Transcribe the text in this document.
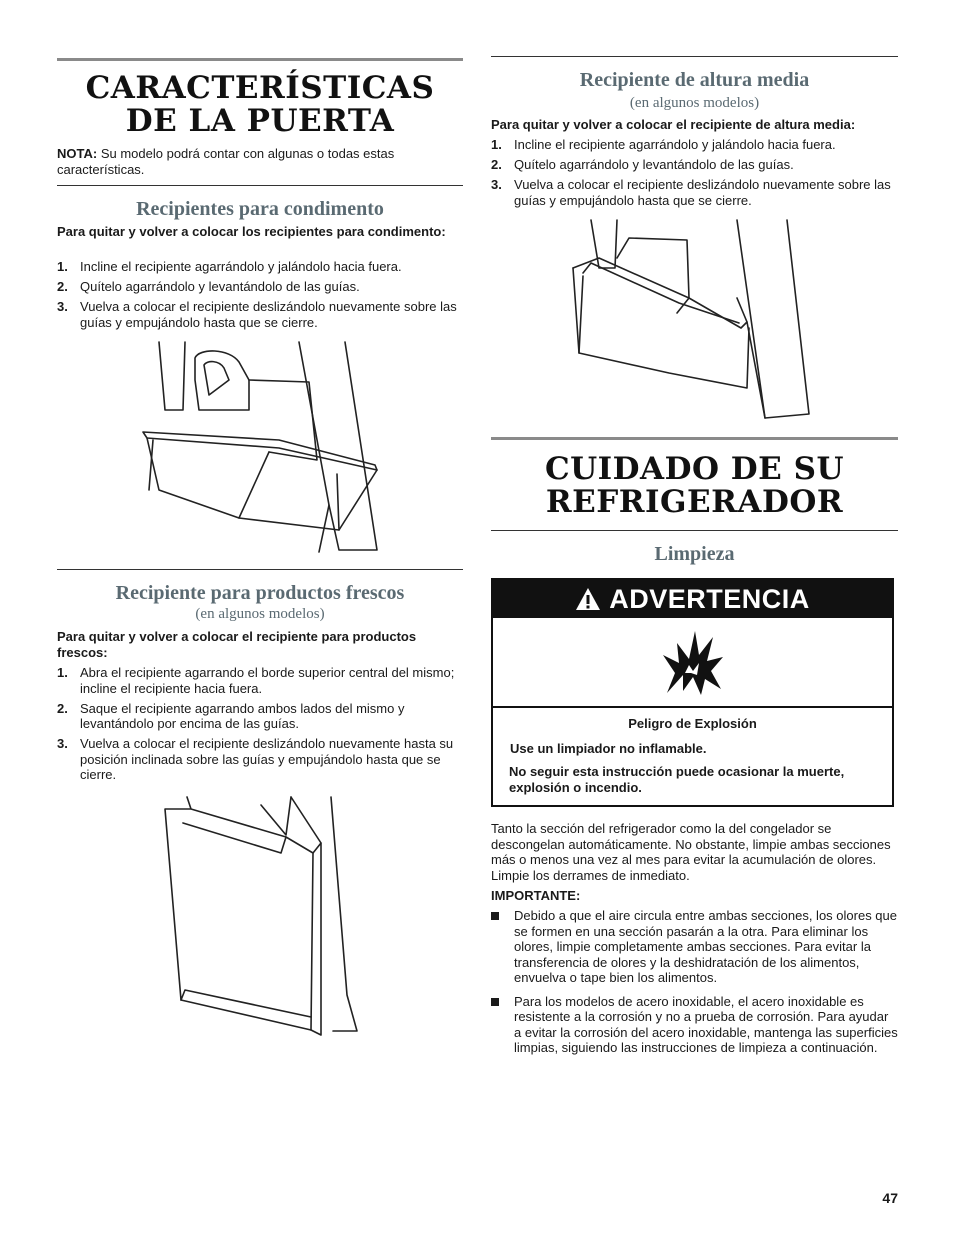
CARACTERÍSTICAS
DE LA PUERTA

NOTA: Su modelo podrá contar con algunas o todas estas características.

Recipientes para condimento

Para quitar y volver a colocar los recipientes para condimento:

1. Incline el recipiente agarrándolo y jalándolo hacia fuera.
2. Quítelo agarrándolo y levantándolo de las guías.
3. Vuelva a colocar el recipiente deslizándolo nuevamente sobre las guías y empujándolo hasta que se cierre.
Recipiente para productos frescos

(en algunos modelos)

Para quitar y volver a colocar el recipiente para productos frescos:

1. Abra el recipiente agarrando el borde superior central del mismo; incline el recipiente hacia fuera.
2. Saque el recipiente agarrando ambos lados del mismo y levantándolo por encima de las guías.
3. Vuelva a colocar el recipiente deslizándolo nuevamente hasta su posición inclinada sobre las guías y empujándolo hasta que se cierre.
Recipiente de altura media

(en algunos modelos)

Para quitar y volver a colocar el recipiente de altura media:

1. Incline el recipiente agarrándolo y jalándolo hacia fuera.
2. Quítelo agarrándolo y levantándolo de las guías.
3. Vuelva a colocar el recipiente deslizándolo nuevamente sobre las guías y empujándolo hasta que se cierre.
CUIDADO DE SU
REFRIGERADOR
Limpieza
ADVERTENCIA
Peligro de Explosión
Use un limpiador no inflamable.
No seguir esta instrucción puede ocasionar la muerte, explosión o incendio.

Tanto la sección del refrigerador como la del congelador se descongelan automáticamente. No obstante, limpie ambas secciones más o menos una vez al mes para evitar la acumulación de olores. Limpie los derrames de inmediato.

IMPORTANTE:

Debido a que el aire circula entre ambas secciones, los olores que se formen en una sección pasarán a la otra. Para eliminar los olores, limpie completamente ambas secciones. Para evitar la transferencia de olores y la deshidratación de los alimentos, envuelva o tape bien los alimentos.
Para los modelos de acero inoxidable, el acero inoxidable es resistente a la corrosión y no a prueba de corrosión. Para ayudar a evitar la corrosión del acero inoxidable, mantenga las superficies limpias, siguiendo las instrucciones de limpieza a continuación.
47
